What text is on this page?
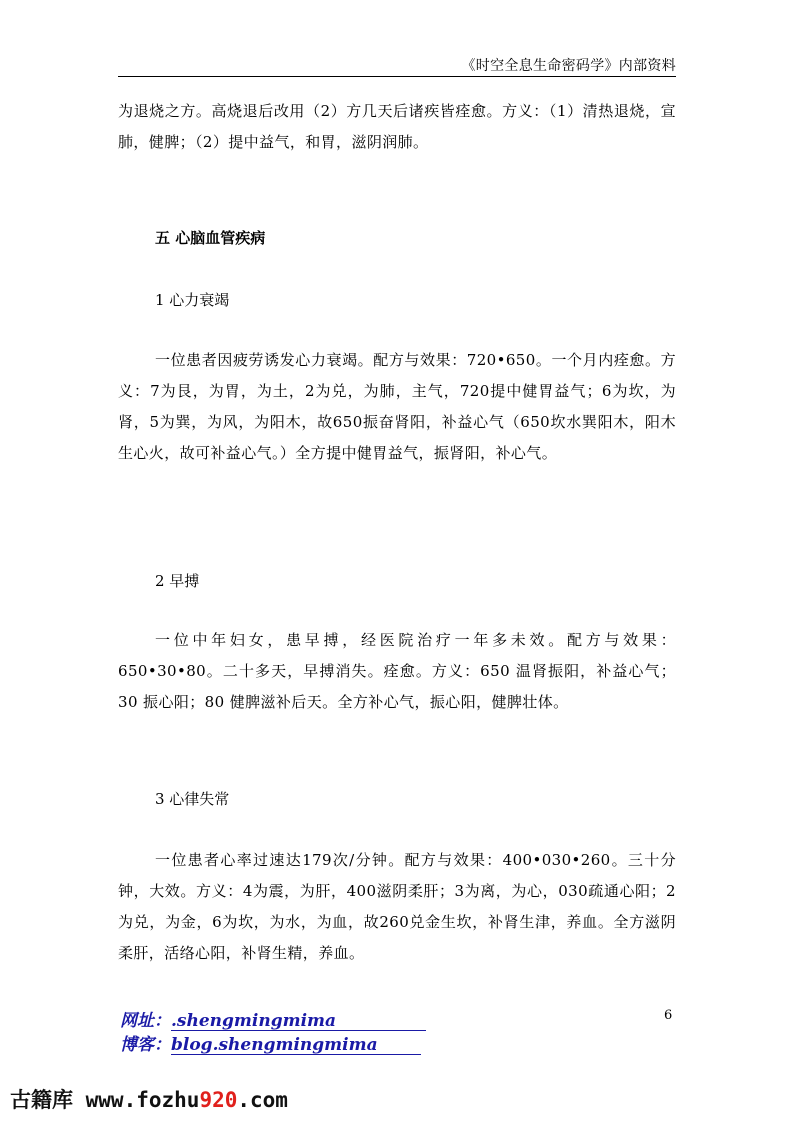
《时空全息生命密码学》内部资料
为退烧之方。高烧退后改用（2）方几天后诸疾皆痊愈。方义：（1）清热退烧，宣肺，健脾；（2）提中益气，和胃，滋阴润肺。
五 心脑血管疾病
1 心力衰竭
一位患者因疲劳诱发心力衰竭。配方与效果：720•650。一个月内痊愈。方义：7为艮，为胃，为土，2为兑，为肺，主气，720提中健胃益气；6为坎，为肾，5为巽，为风，为阳木，故650振奋肾阳，补益心气（650坎水巽阳木，阳木生心火，故可补益心气。）全方提中健胃益气，振肾阳，补心气。
2 早搏
一位中年妇女，患早搏，经医院治疗一年多未效。配方与效果：650•30•80。二十多天，早搏消失。痊愈。方义：650 温肾振阳，补益心气；30 振心阳；80 健脾滋补后天。全方补心气，振心阳，健脾壮体。
3 心律失常
一位患者心率过速达179次/分钟。配方与效果：400•030•260。三十分钟，大效。方义：4为震，为肝，400滋阴柔肝；3为离，为心，030疏通心阳；2为兑，为金，6为坎，为水，为血，故260兑金生坎，补肾生津，养血。全方滋阴柔肝，活络心阳，补肾生精，养血。
6
网址：.shengmingmima
博客：blog.shengmingmima
古籍库 www.fozhu920.com
